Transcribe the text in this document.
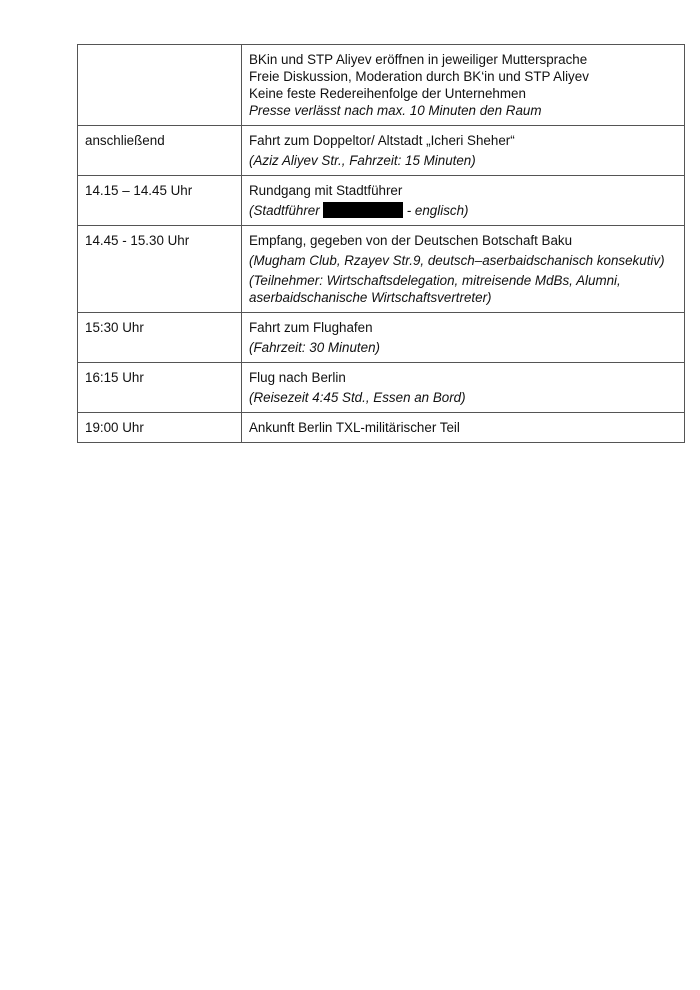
	BKin und STP Aliyev eröffnen in jeweiliger Muttersprache
Freie Diskussion, Moderation durch BK‘in und STP Aliyev
Keine feste Redereihenfolge der Unternehmen
Presse verlässt nach max. 10 Minuten den Raum

anschließend	Fahrt zum Doppeltor/ Altstadt „Icheri Sheher“
(Aziz Aliyev Str., Fahrzeit: 15 Minuten)

14.15 – 14.45 Uhr	Rundgang mit Stadtführer
(Stadtführer - englisch)

14.45 - 15.30 Uhr	Empfang, gegeben von der Deutschen Botschaft Baku
(Mugham Club, Rzayev Str.9, deutsch–aserbaidschanisch konsekutiv)
(Teilnehmer: Wirtschaftsdelegation, mitreisende MdBs, Alumni, aserbaidschanische Wirtschaftsvertreter)

15:30 Uhr	Fahrt zum Flughafen
(Fahrzeit: 30 Minuten)

16:15 Uhr	Flug nach Berlin
(Reisezeit 4:45 Std., Essen an Bord)

19:00 Uhr	Ankunft Berlin TXL-militärischer Teil
